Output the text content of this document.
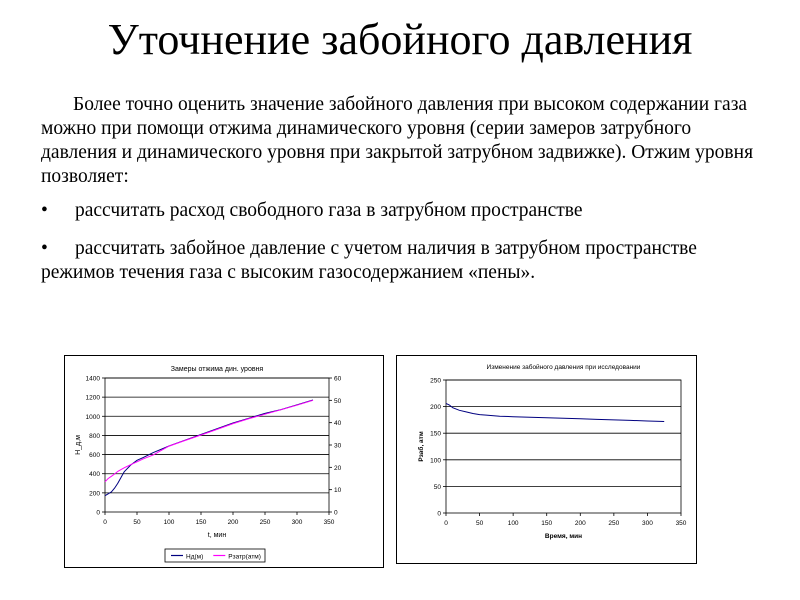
Уточнение забойного давления

Более точно оценить значение забойного давления при высоком содержании газа можно при помощи отжима динамического уровня (серии замеров затрубного давления и динамического уровня при закрытой затрубном задвижке). Отжим уровня позволяет:

• рассчитать расход свободного газа в затрубном пространстве

• рассчитать забойное давление с учетом наличия в затрубном пространстве режимов течения газа с высоким газосодержанием «пены».

Замеры отжима дин. уровня
0
200
400
600
800
1000
1200
1400
0
10
20
30
40
50
60
0	50	100	150	200	250	300	350
t, мин
Н_д,м
Нд(м)	Рзатр(атм)
Изменение забойного давления при исследовании
0
50
100
150
200
250
0	50	100	150	200	250	300	350
Время, мин
Рзаб, атм
